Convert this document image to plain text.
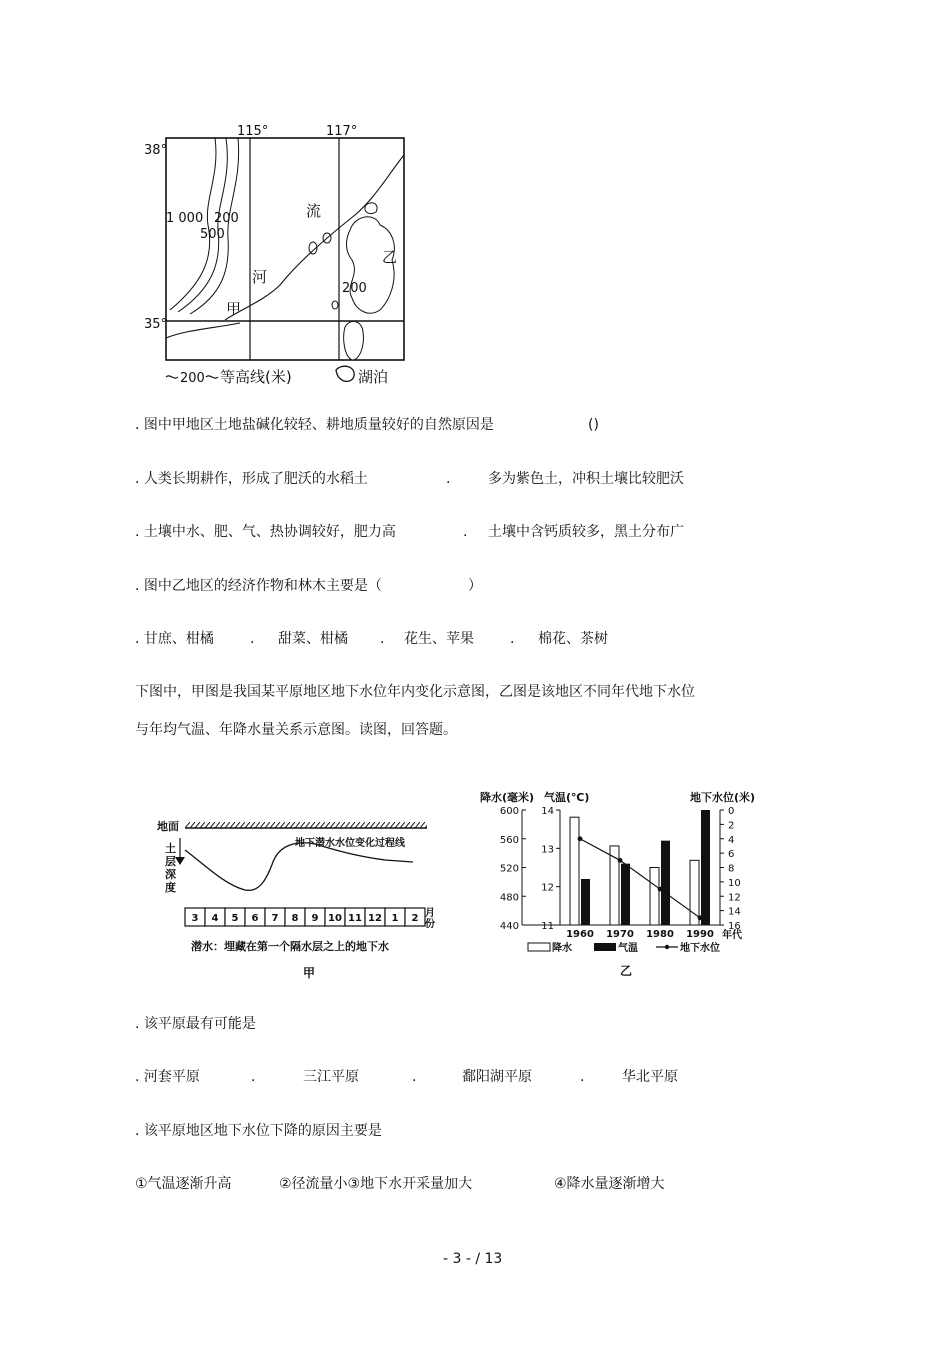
38°
35°
115°	117°
1 000
500
200
200
流
河
甲
乙
200 等高线(米)	湖泊
. 图中甲地区土地盐碱化较轻、耕地质量较好的自然原因是	()
. 人类长期耕作，形成了肥沃的水稻土	.	多为紫色土，冲积土壤比较肥沃
. 土壤中水、肥、气、热协调较好，肥力高	. 土壤中含钙质较多，黑土分布广
. 图中乙地区的经济作物和林木主要是（	）
. 甘庶、柑橘	. 甜菜、柑橘 . 花生、苹果	. 棉花、茶树
下图中，甲图是我国某平原地区地下水位年内变化示意图，乙图是该地区不同年代地下水位
与年均气温、年降水量关系示意图。读图，回答题。
地面
土
层
深
度
地下潜水水位变化过程线
3 4 5 6 7 8 9 10 11 12 1 2 月
份
潜水：埋藏在第一个隔水层之上的地下水
甲
降水(毫米) 气温(℃)	地下水位(米)
600
560
520
480
440
14
13
12
11
0
2
4
6
8
10
12
14
16
1960 1970 1980 1990 年代
降水	气温	地下水位
乙
. 该平原最有可能是
. 河套平原	.	三江平原	.	鄱阳湖平原	.	华北平原
. 该平原地区地下水位下降的原因主要是
①气温逐渐升高	②径流量小③地下水开采量加大	④降水量逐渐增大
- 3 - / 13
